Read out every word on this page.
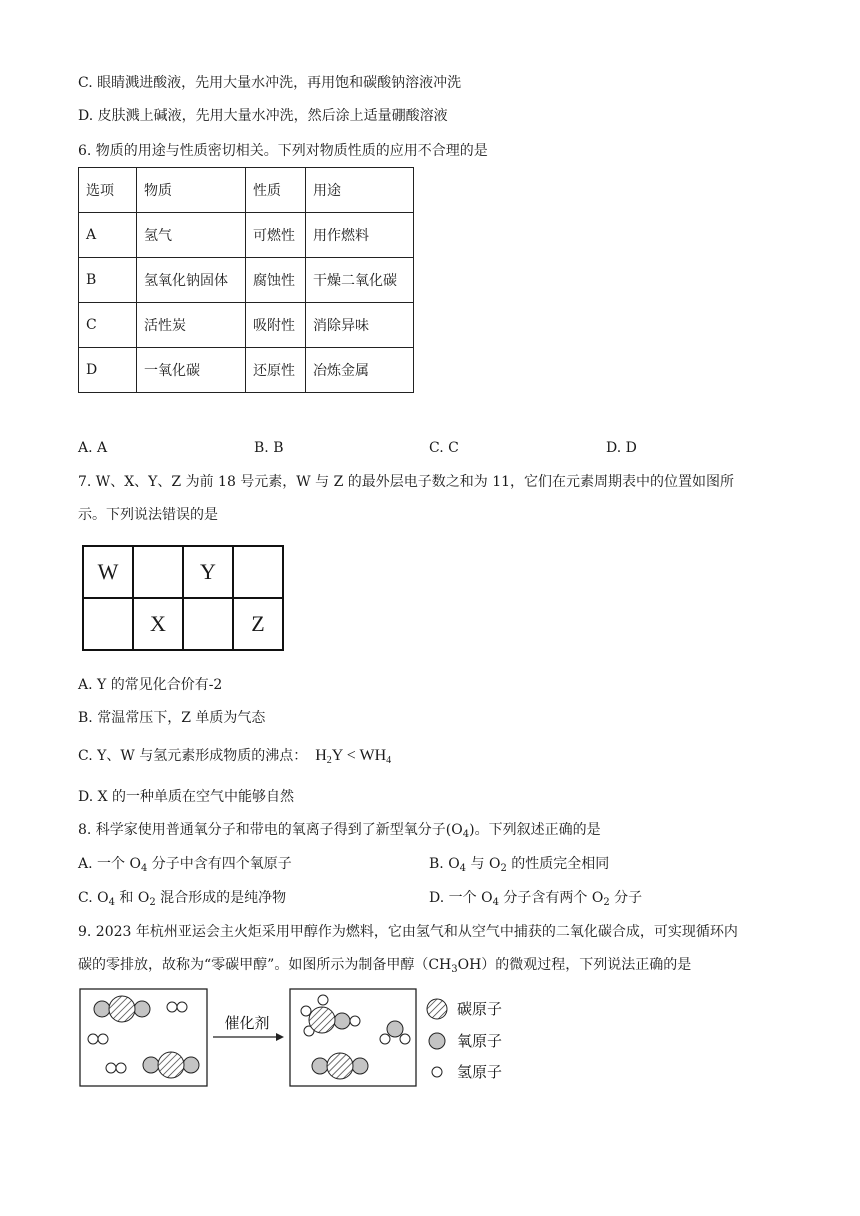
C. 眼睛溅进酸液，先用大量水冲洗，再用饱和碳酸钠溶液冲洗
D. 皮肤溅上碱液，先用大量水冲洗，然后涂上适量硼酸溶液
6. 物质的用途与性质密切相关。下列对物质性质的应用不合理的是
选项	物质	性质	用途
A	氢气	可燃性	用作燃料
B	氢氧化钠固体	腐蚀性	干燥二氧化碳
C	活性炭	吸附性	消除异味
D	一氧化碳	还原性	冶炼金属
A. A	B. B	C. C	D. D
7. W、X、Y、Z 为前 18 号元素，W 与 Z 的最外层电子数之和为 11，它们在元素周期表中的位置如图所
示。下列说法错误的是
W		Y	
	X		Z
A. Y 的常见化合价有-2
B. 常温常压下，Z 单质为气态
C. Y、W 与氢元素形成物质的沸点： $H_2Y < WH_4$
D. X 的一种单质在空气中能够自然
8. 科学家使用普通氧分子和带电的氧离子得到了新型氧分子$(O_4)$。下列叙述正确的是
A. 一个 $O_4$ 分子中含有四个氧原子	B. $O_4$ 与 $O_2$ 的性质完全相同
C. $O_4$ 和 $O_2$ 混合形成的是纯净物	D. 一个 $O_4$ 分子含有两个 $O_2$ 分子
9. 2023 年杭州亚运会主火炬采用甲醇作为燃料，它由氢气和从空气中捕获的二氧化碳合成，可实现循环内
碳的零排放，故称为“零碳甲醇”。如图所示为制备甲醇$(CH_3OH)$的微观过程，下列说法正确的是
催化剂
碳原子
氧原子
氢原子
